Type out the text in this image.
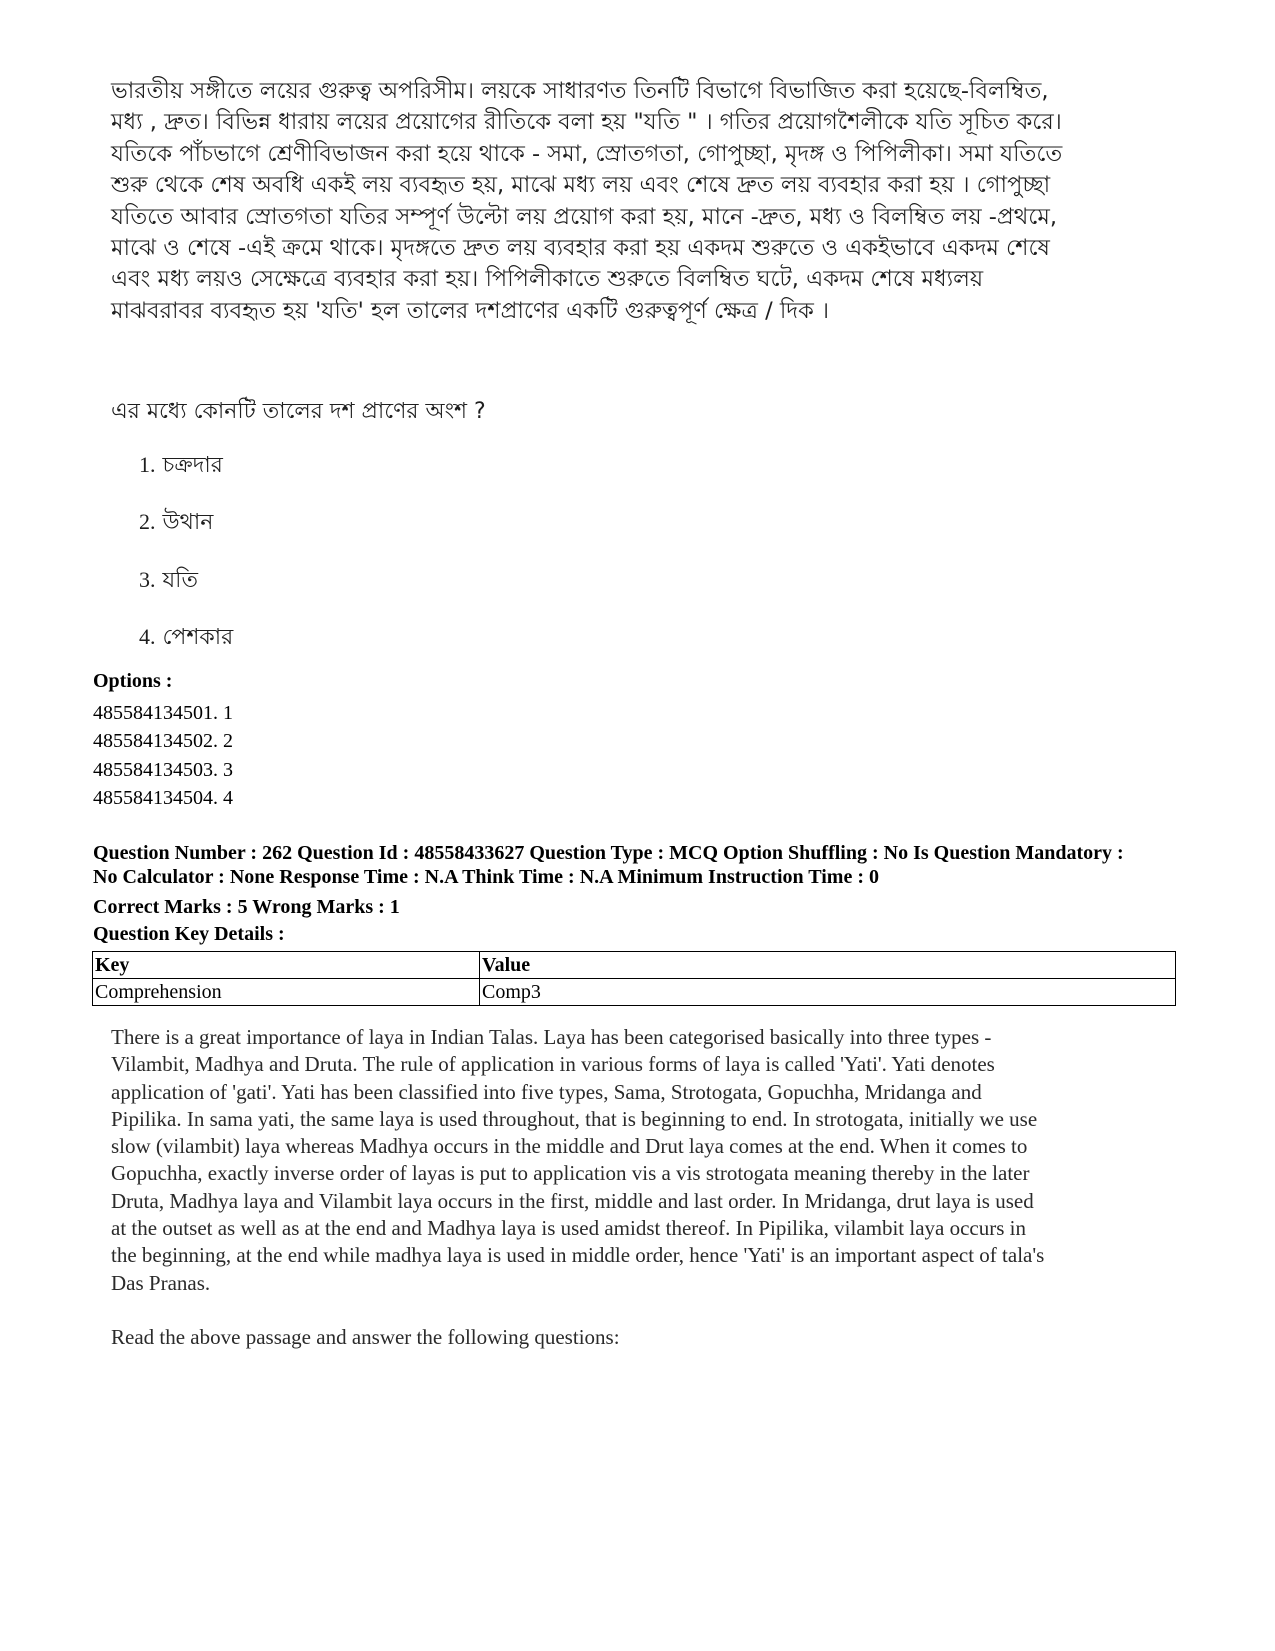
ভারতীয় সঙ্গীতে লয়ের গুরুত্ব অপরিসীম। লয়কে সাধারণত তিনটি বিভাগে বিভাজিত করা হয়েছে-বিলম্বিত,
মধ্য , দ্রুত। বিভিন্ন ধারায় লয়ের প্রয়োগের রীতিকে বলা হয় "যতি " । গতির প্রয়োগশৈলীকে যতি সূচিত করে।
যতিকে পাঁচভাগে শ্রেণীবিভাজন করা হয়ে থাকে - সমা, স্রোতগতা, গোপুচ্ছা, মৃদঙ্গ ও পিপিলীকা। সমা যতিতে
শুরু থেকে শেষ অবধি একই লয় ব্যবহৃত হয়, মাঝে মধ্য লয় এবং শেষে দ্রুত লয় ব্যবহার করা হয় । গোপুচ্ছা
যতিতে আবার স্রোতগতা যতির সম্পূর্ণ উল্টো লয় প্রয়োগ করা হয়, মানে -দ্রুত, মধ্য ও বিলম্বিত লয় -প্রথমে,
মাঝে ও শেষে -এই ক্রমে থাকে। মৃদঙ্গতে দ্রুত লয় ব্যবহার করা হয় একদম শুরুতে ও একইভাবে একদম শেষে
এবং মধ্য লয়ও সেক্ষেত্রে ব্যবহার করা হয়। পিপিলীকাতে শুরুতে বিলম্বিত ঘটে, একদম শেষে মধ্যলয়
মাঝবরাবর ব্যবহৃত হয় 'যতি' হল তালের দশপ্রাণের একটি গুরুত্বপূর্ণ ক্ষেত্র / দিক ।
এর মধ্যে কোনটি তালের দশ প্রাণের অংশ ?
1. চক্রদার
2. উথান
3. যতি
4. পেশকার
Options :
485584134501. 1
485584134502. 2
485584134503. 3
485584134504. 4
Question Number : 262 Question Id : 48558433627 Question Type : MCQ Option Shuffling : No Is Question Mandatory :
No Calculator : None Response Time : N.A Think Time : N.A Minimum Instruction Time : 0
Correct Marks : 5 Wrong Marks : 1
Question Key Details :
Key	Value
Comprehension	Comp3
There is a great importance of laya in Indian Talas. Laya has been categorised basically into three types -
Vilambit, Madhya and Druta. The rule of application in various forms of laya is called 'Yati'. Yati denotes
application of 'gati'. Yati has been classified into five types, Sama, Strotogata, Gopuchha, Mridanga and
Pipilika. In sama yati, the same laya is used throughout, that is beginning to end. In strotogata, initially we use
slow (vilambit) laya whereas Madhya occurs in the middle and Drut laya comes at the end. When it comes to
Gopuchha, exactly inverse order of layas is put to application vis a vis strotogata meaning thereby in the later
Druta, Madhya laya and Vilambit laya occurs in the first, middle and last order. In Mridanga, drut laya is used
at the outset as well as at the end and Madhya laya is used amidst thereof. In Pipilika, vilambit laya occurs in
the beginning, at the end while madhya laya is used in middle order, hence 'Yati' is an important aspect of tala's
Das Pranas.
Read the above passage and answer the following questions:
